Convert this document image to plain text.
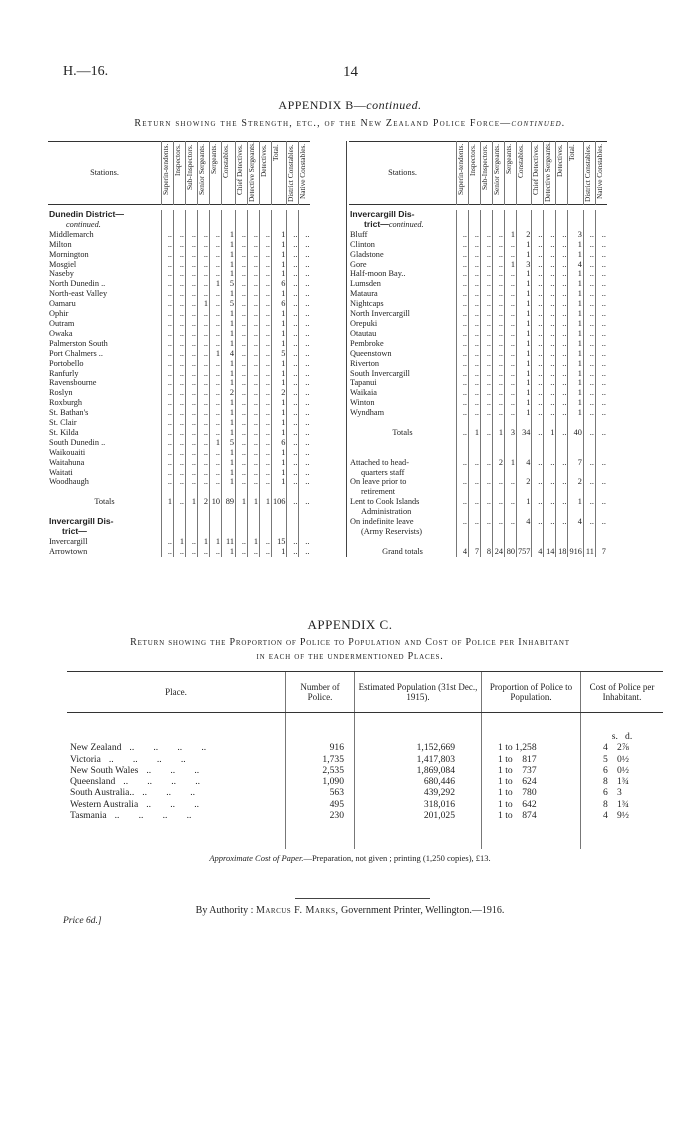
H.—16.	14
APPENDIX B—continued.
Return showing the Strength, etc., of the New Zealand Police Force—continued.
Stations.	Superin-tendents.	Inspectors.	Sub-Inspectors.	Senior Sergeants.	Sergeants.	Constables.	Chief Detectives.	Detective Sergeants.	Detectives.	Total.	District Constables.	Native Constables.

Dunedin District—												
continued.												
Middlemarch	..	..	..	..	..	1	..	..	..	1	..	..
Milton	..	..	..	..	..	1	..	..	..	1	..	..
Mornington	..	..	..	..	..	1	..	..	..	1	..	..
Mosgiel	..	..	..	..	..	1	..	..	..	1	..	..
Naseby	..	..	..	..	..	1	..	..	..	1	..	..
North Dunedin ..	..	..	..	..	1	5	..	..	..	6	..	..
North-east Valley	..	..	..	..	..	1	..	..	..	1	..	..
Oamaru	..	..	..	1	..	5	..	..	..	6	..	..
Ophir	..	..	..	..	..	1	..	..	..	1	..	..
Outram	..	..	..	..	..	1	..	..	..	1	..	..
Owaka	..	..	..	..	..	1	..	..	..	1	..	..
Palmerston South	..	..	..	..	..	1	..	..	..	1	..	..
Port Chalmers ..	..	..	..	..	1	4	..	..	..	5	..	..
Portobello	..	..	..	..	..	1	..	..	..	1	..	..
Ranfurly	..	..	..	..	..	1	..	..	..	1	..	..
Ravensbourne	..	..	..	..	..	1	..	..	..	1	..	..
Roslyn	..	..	..	..	..	2	..	..	..	2	..	..
Roxburgh	..	..	..	..	..	1	..	..	..	1	..	..
St. Bathan's	..	..	..	..	..	1	..	..	..	1	..	..
St. Clair	..	..	..	..	..	1	..	..	..	1	..	..
St. Kilda	..	..	..	..	..	1	..	..	..	1	..	..
South Dunedin ..	..	..	..	..	1	5	..	..	..	6	..	..
Waikouaiti	..	..	..	..	..	1	..	..	..	1	..	..
Waitahuna	..	..	..	..	..	1	..	..	..	1	..	..
Waitati	..	..	..	..	..	1	..	..	..	1	..	..
Woodhaugh	..	..	..	..	..	1	..	..	..	1	..	..

Totals	1	..	1	2	10	89	1	1	1	106	..	..

Invercargill Dis-												
trict—												
Invercargill	..	1	..	1	1	11	..	1	..	15	..	..
Arrowtown	..	..	..	..	..	1	..	..	..	1	..	..
Stations.	Superin-tendents.	Inspectors.	Sub-Inspectors.	Senior Sergeants.	Sergeants.	Constables.	Chief Detectives.	Detective Sergeants.	Detectives.	Total.	District Constables.	Native Constables.

Invercargill Dis-												
trict—continued.												
Bluff	..	..	..	..	1	2	..	..	..	3	..	..
Clinton	..	..	..	..	..	1	..	..	..	1	..	..
Gladstone	..	..	..	..	..	1	..	..	..	1	..	..
Gore	..	..	..	..	1	3	..	..	..	4	..	..
Half-moon Bay..	..	..	..	..	..	1	..	..	..	1	..	..
Lumsden	..	..	..	..	..	1	..	..	..	1	..	..
Mataura	..	..	..	..	..	1	..	..	..	1	..	..
Nightcaps	..	..	..	..	..	1	..	..	..	1	..	..
North Invercargill	..	..	..	..	..	1	..	..	..	1	..	..
Orepuki	..	..	..	..	..	1	..	..	..	1	..	..
Otautau	..	..	..	..	..	1	..	..	..	1	..	..
Pembroke	..	..	..	..	..	1	..	..	..	1	..	..
Queenstown	..	..	..	..	..	1	..	..	..	1	..	..
Riverton	..	..	..	..	..	1	..	..	..	1	..	..
South Invercargill	..	..	..	..	..	1	..	..	..	1	..	..
Tapanui	..	..	..	..	..	1	..	..	..	1	..	..
Waikaia	..	..	..	..	..	1	..	..	..	1	..	..
Winton	..	..	..	..	..	1	..	..	..	1	..	..
Wyndham	..	..	..	..	..	1	..	..	..	1	..	..

Totals	..	1	..	1	3	34	..	1	..	40	..	..

Attached to head-	..	..	..	2	1	4	..	..	..	7	..	..
quarters staff												
On leave prior to	..	..	..	..	..	2	..	..	..	2	..	..
retirement												
Lent to Cook Islands	..	..	..	..	..	1	..	..	..	1	..	..
Administration												
On indefinite leave	..	..	..	..	..	4	..	..	..	4	..	..
(Army Reservists)												

Grand totals	4	7	8	24	80	757	4	14	18	916	11	7
APPENDIX C.
Return showing the Proportion of Police to Population and Cost of Police per Inhabitant
in each of the undermentioned Places.
Place.	Number of Police.	Estimated Population (31st Dec., 1915).	Proportion of Police to Population.	Cost of Police per Inhabitant.
				s.   d.
New Zealand ..        ..        ..        ..	916	1,152,669	1 to 1,258	4 2⅞
Victoria ..        ..        ..        ..	1,735	1,417,803	1 to    817	5 0½
New South Wales ..        ..        ..	2,535	1,869,084	1 to    737	6 0½
Queensland ..        ..        ..        ..	1,090	680,446	1 to    624	8 1¾
South Australia.. ..        ..        ..	563	439,292	1 to    780	6 3
Western Australia ..        ..        ..	495	318,016	1 to    642	8 1¾
Tasmania ..        ..        ..        ..	230	201,025	1 to    874	4 9½

Approximate Cost of Paper.—Preparation, not given ; printing (1,250 copies), £13.
By Authority : Marcus F. Marks, Government Printer, Wellington.—1916.
Price 6d.]
